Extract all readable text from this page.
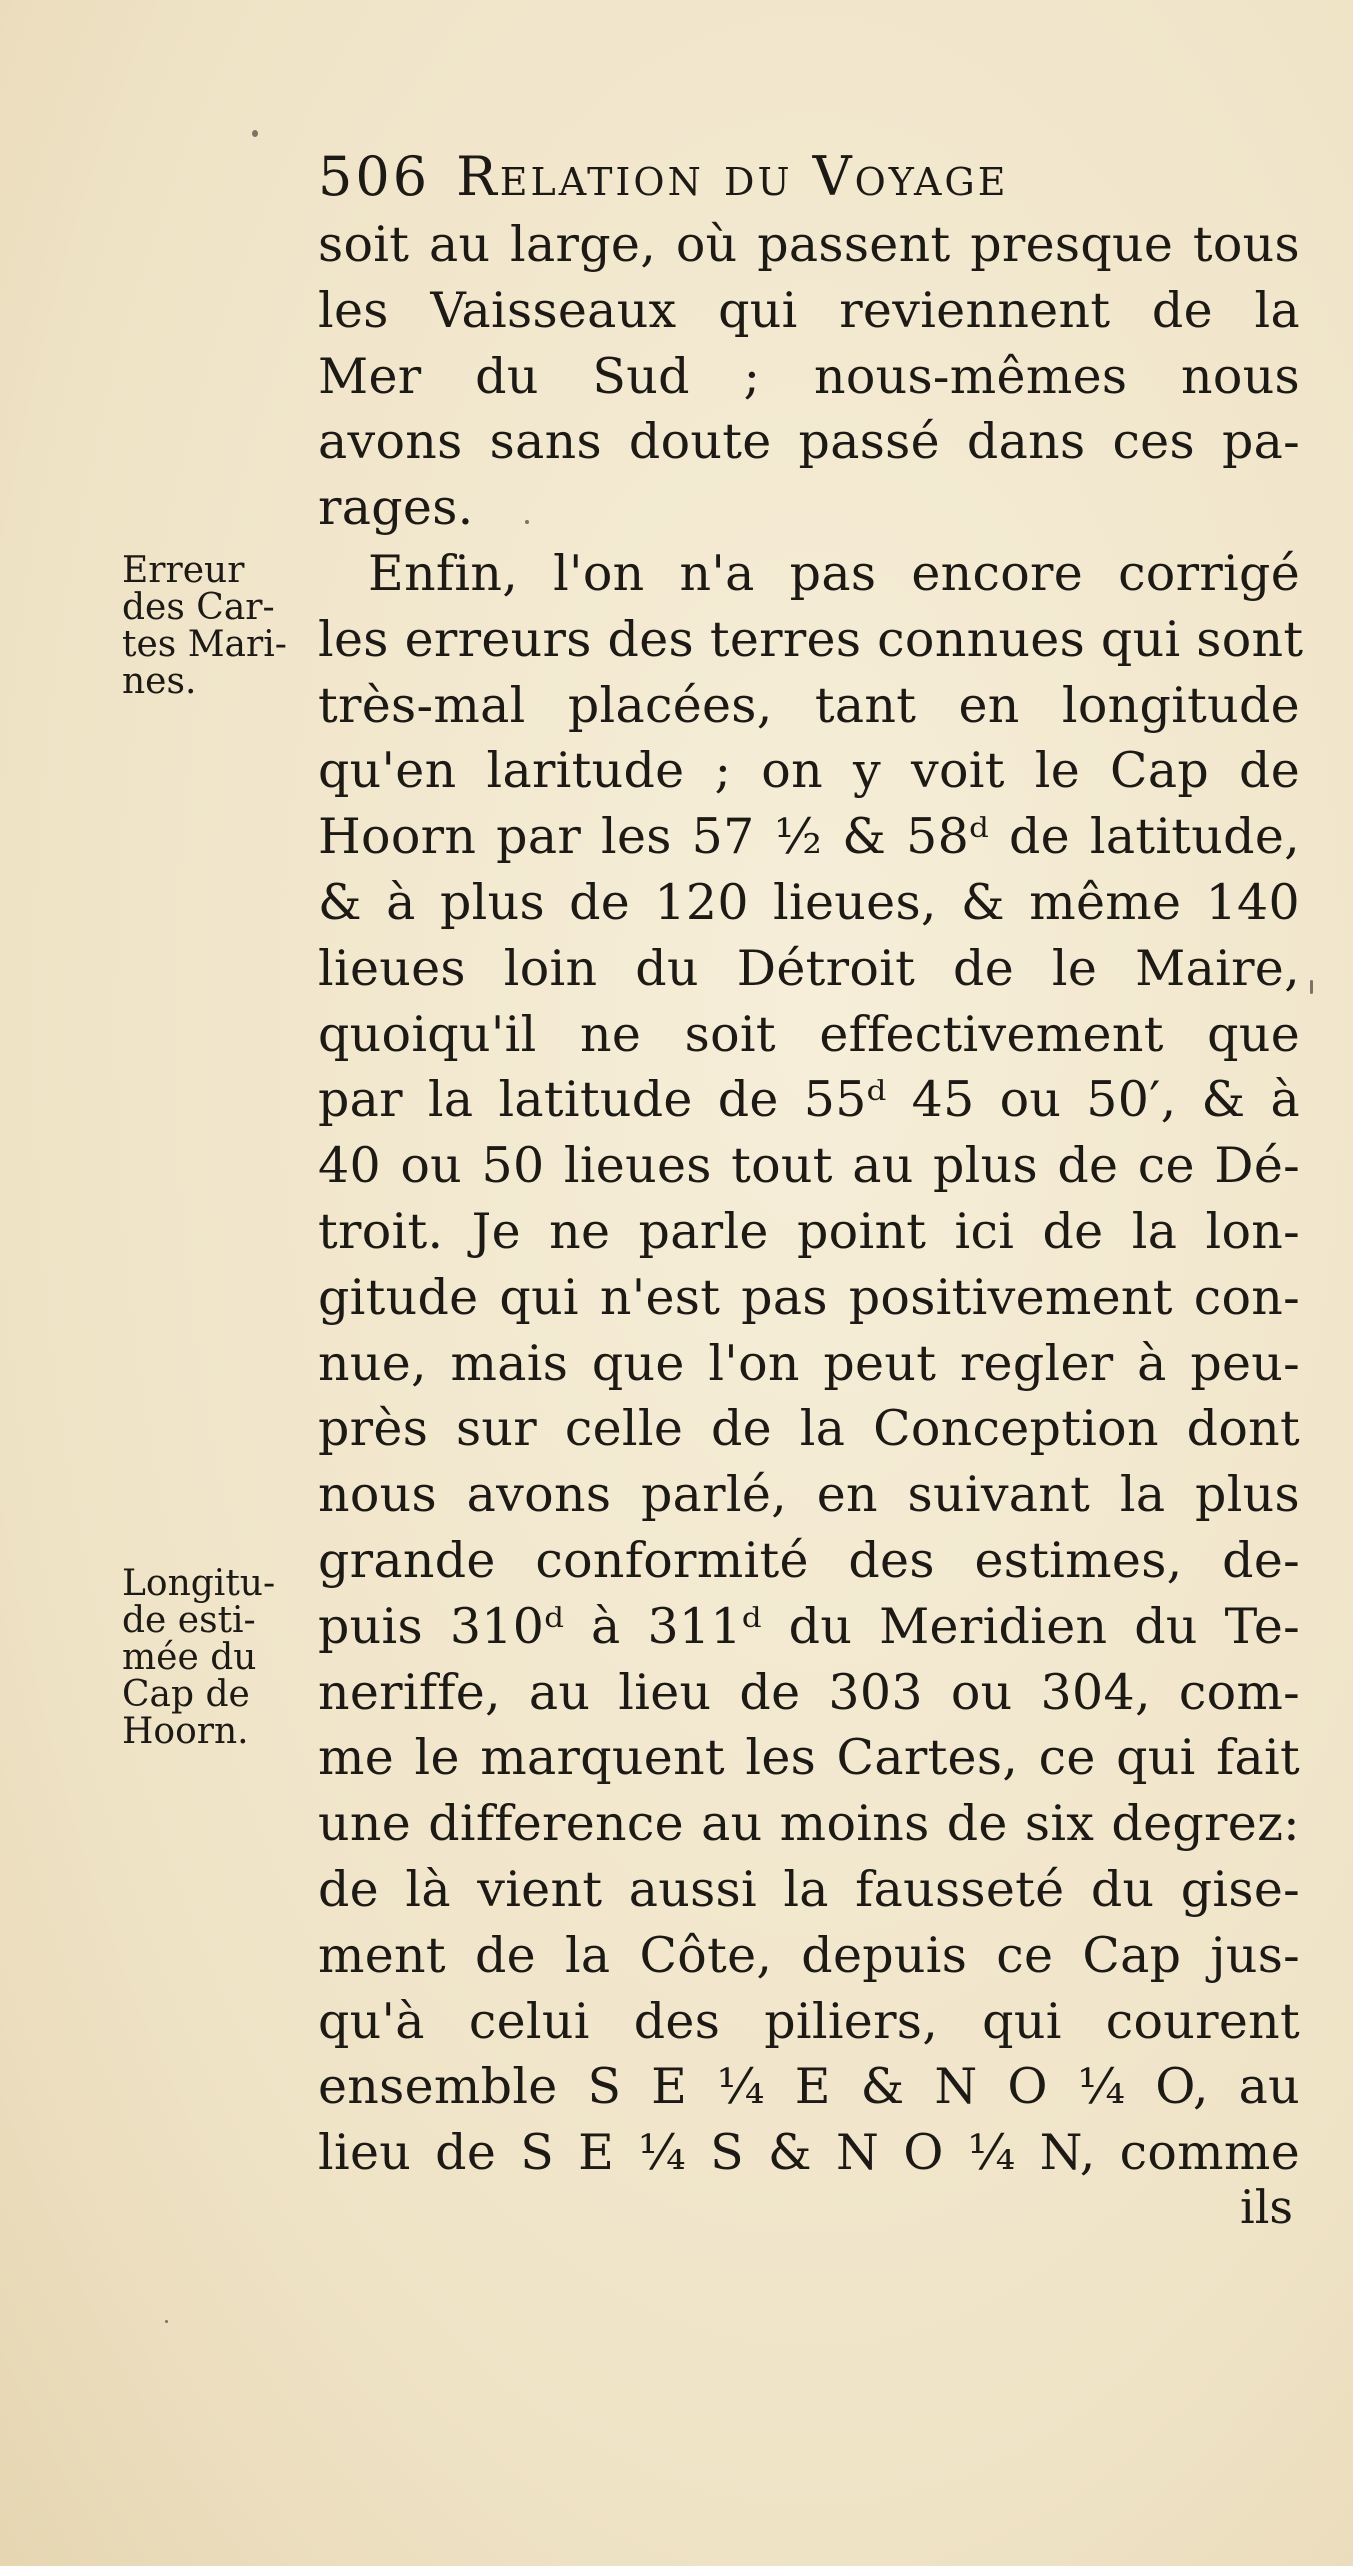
506 Relation du Voyage
soit au large, où passent presque tous
les Vaisseaux qui reviennent de la
Mer du Sud ; nous-mêmes nous
avons sans doute passé dans ces pa-
rages.
Enfin, l'on n'a pas encore corrigé
les erreurs des terres connues qui sont
très-mal placées, tant en longitude
qu'en laritude ; on y voit le Cap de
Hoorn par les 57 ½ & 58ᵈ de latitude,
& à plus de 120 lieues, & même 140
lieues loin du Détroit de le Maire,
quoiqu'il ne soit effectivement que
par la latitude de 55ᵈ 45 ou 50′, & à
40 ou 50 lieues tout au plus de ce Dé-
troit. Je ne parle point ici de la lon-
gitude qui n'est pas positivement con-
nue, mais que l'on peut regler à peu-
près sur celle de la Conception dont
nous avons parlé, en suivant la plus
grande conformité des estimes, de-
puis 310ᵈ à 311ᵈ du Meridien du Te-
neriffe, au lieu de 303 ou 304, com-
me le marquent les Cartes, ce qui fait
une difference au moins de six degrez:
de là vient aussi la fausseté du gise-
ment de la Côte, depuis ce Cap jus-
qu'à celui des piliers, qui courent
ensemble S E ¼ E & N O ¼ O, au
lieu de S E ¼ S & N O ¼ N, comme
ils
Erreur
des Car-
tes Mari-
nes.
Longitu-
de esti-
mée du
Cap de
Hoorn.
